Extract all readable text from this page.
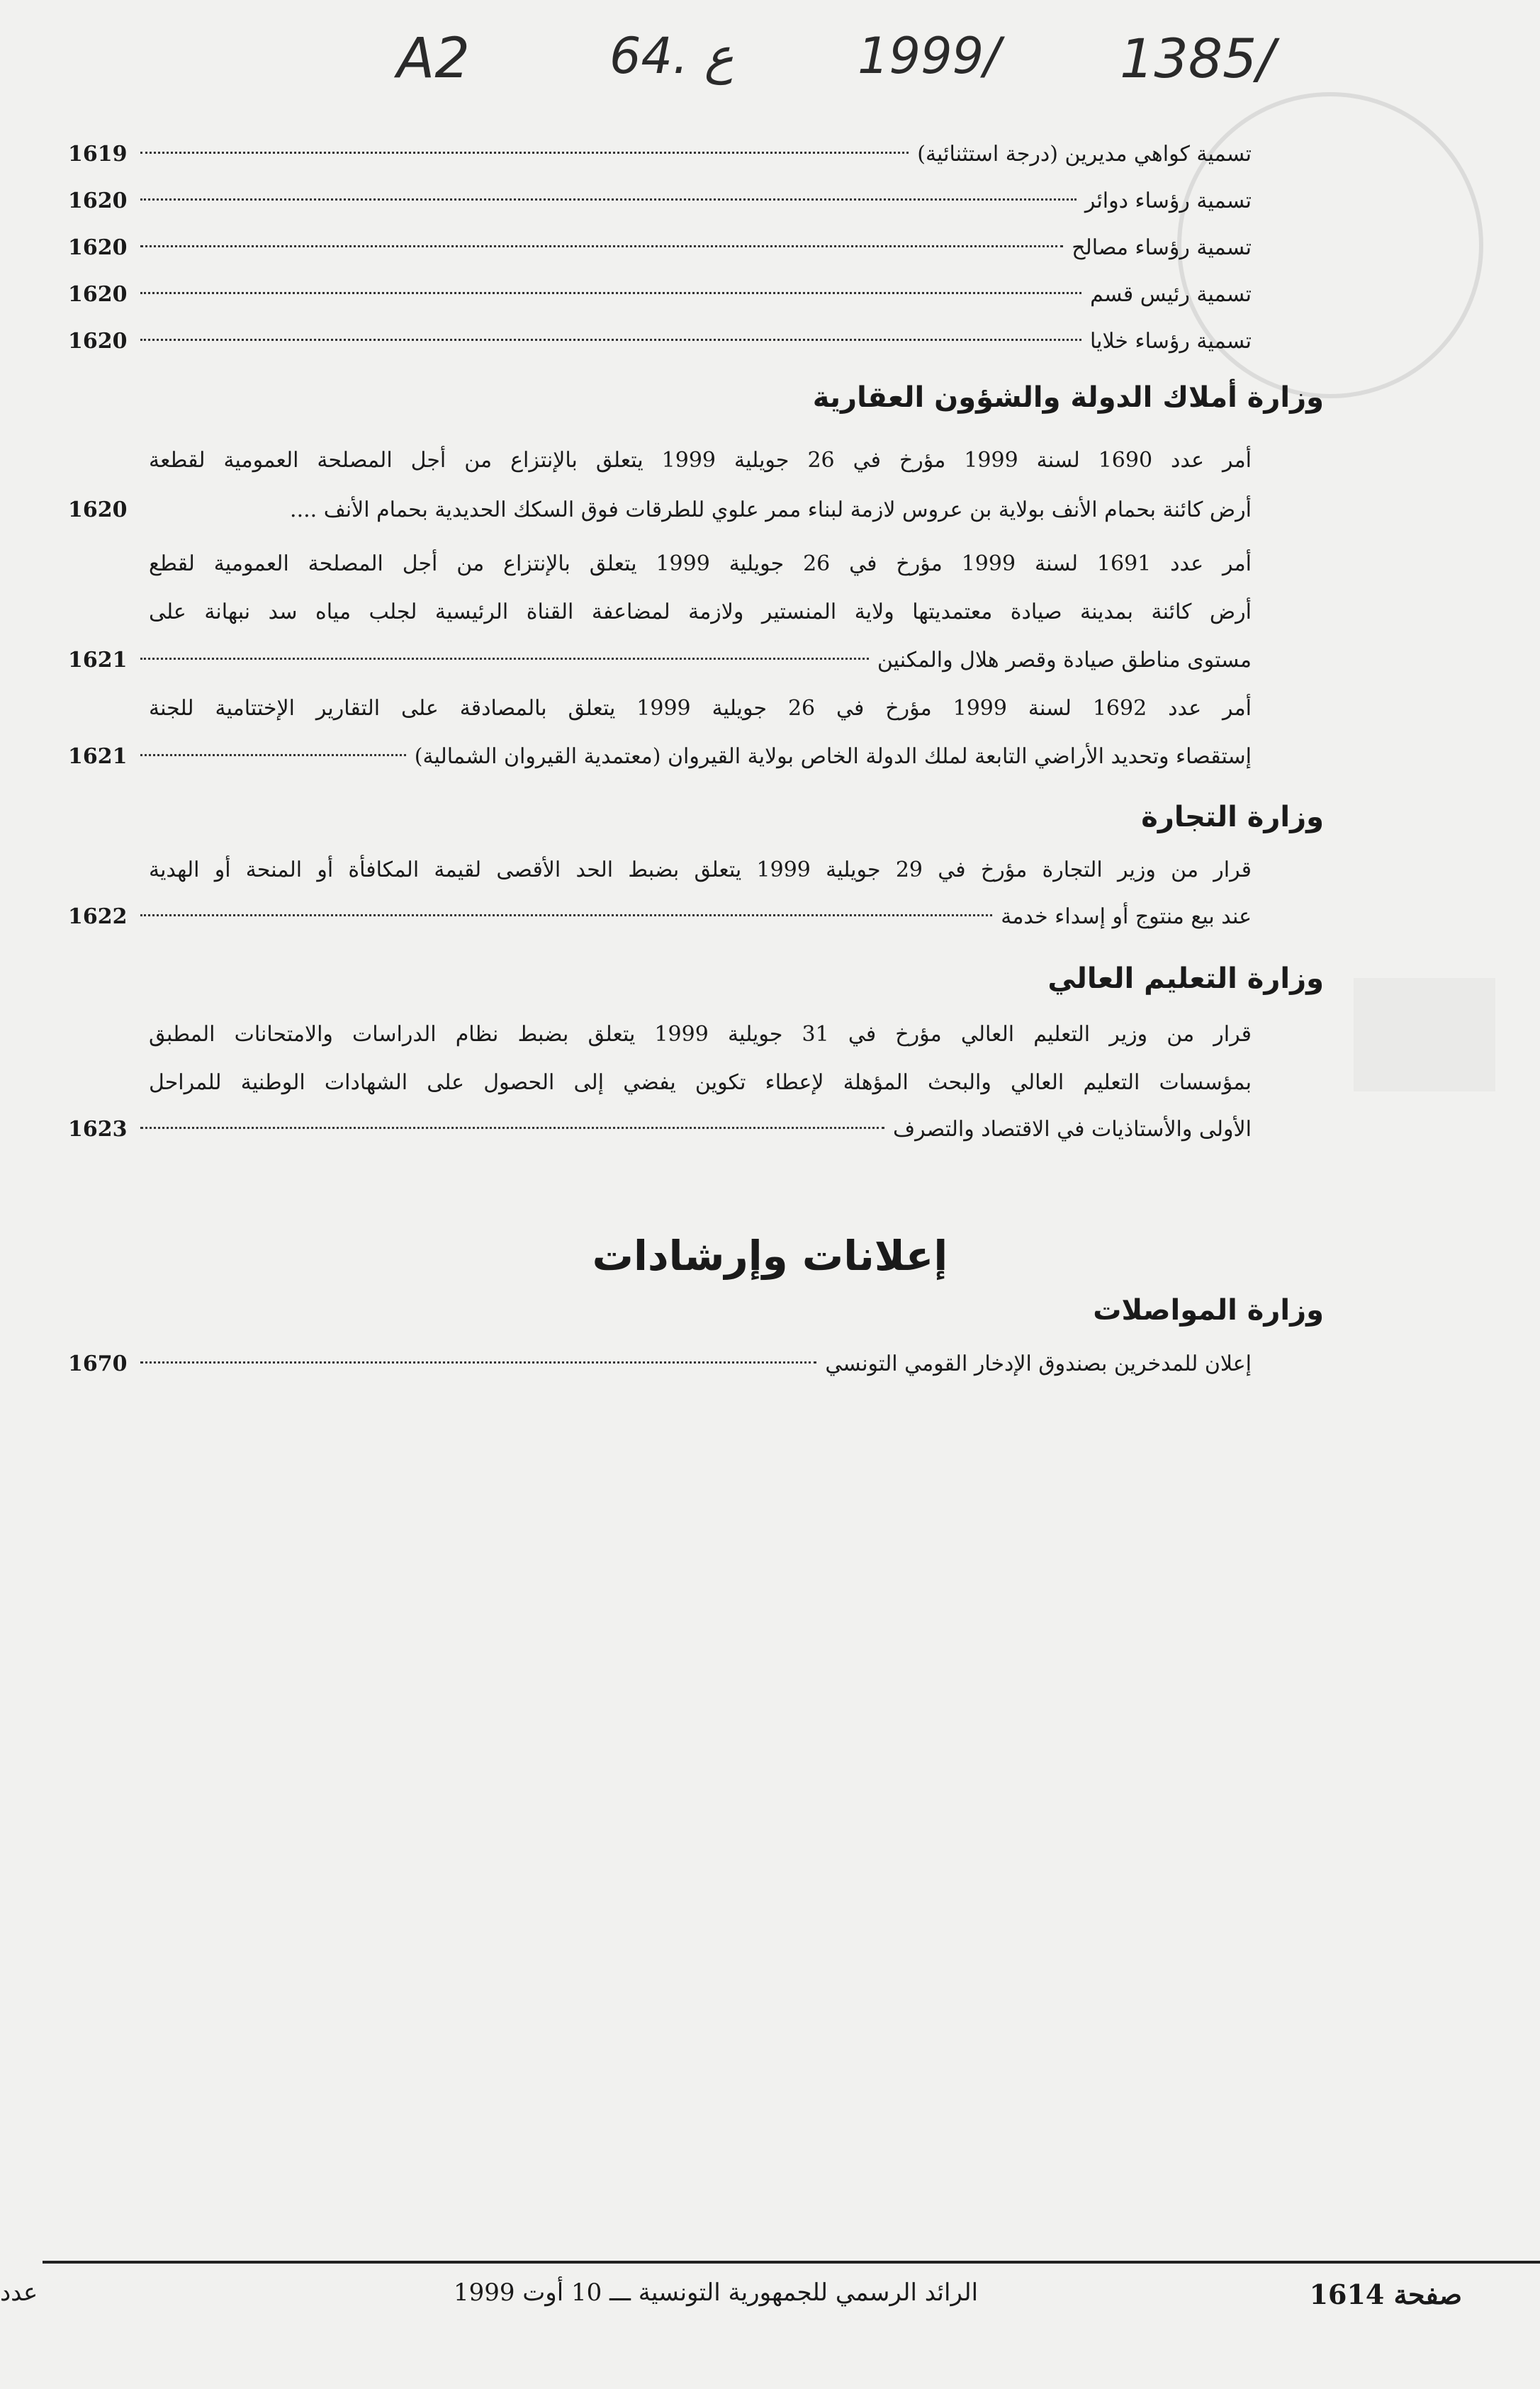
A2	64. ع 1999/ 1385/
1619	تسمية كواهي مديرين (درجة استثنائية)
1620	تسمية رؤساء دوائر
1620	تسمية رؤساء مصالح
1620	تسمية رئيس قسم
1620	تسمية رؤساء خلايا
وزارة أملاك الدولة والشؤون العقارية
أمر عدد 1690 لسنة 1999 مؤرخ في 26 جويلية 1999 يتعلق بالإنتزاع من أجل المصلحة العمومية لقطعة
1620	أرض كائنة بحمام الأنف بولاية بن عروس لازمة لبناء ممر علوي للطرقات فوق السكك الحديدية بحمام الأنف ....
أمر عدد 1691 لسنة 1999 مؤرخ في 26 جويلية 1999 يتعلق بالإنتزاع من أجل المصلحة العمومية لقطع
أرض كائنة بمدينة صيادة معتمديتها ولاية المنستير ولازمة لمضاعفة القناة الرئيسية لجلب مياه سد نبهانة على
1621	مستوى مناطق صيادة وقصر هلال والمكنين
أمر عدد 1692 لسنة 1999 مؤرخ في 26 جويلية 1999 يتعلق بالمصادقة على التقارير الإختتامية للجنة
1621	إستقصاء وتحديد الأراضي التابعة لملك الدولة الخاص بولاية القيروان (معتمدية القيروان الشمالية)
وزارة التجارة
قرار من وزير التجارة مؤرخ في 29 جويلية 1999 يتعلق بضبط الحد الأقصى لقيمة المكافأة أو المنحة أو الهدية
1622	عند بيع منتوج أو إسداء خدمة
وزارة التعليم العالي
قرار من وزير التعليم العالي مؤرخ في 31 جويلية 1999 يتعلق بضبط نظام الدراسات والامتحانات المطبق
بمؤسسات التعليم العالي والبحث المؤهلة لإعطاء تكوين يفضي إلى الحصول على الشهادات الوطنية للمراحل
1623	الأولى والأستاذيات في الاقتصاد والتصرف
إعلانات وإرشادات
وزارة المواصلات
1670	إعلان للمدخرين بصندوق الإدخار القومي التونسي
صفحة 1614
الرائد الرسمي للجمهورية التونسية ـــ 10 أوت 1999
عدد
